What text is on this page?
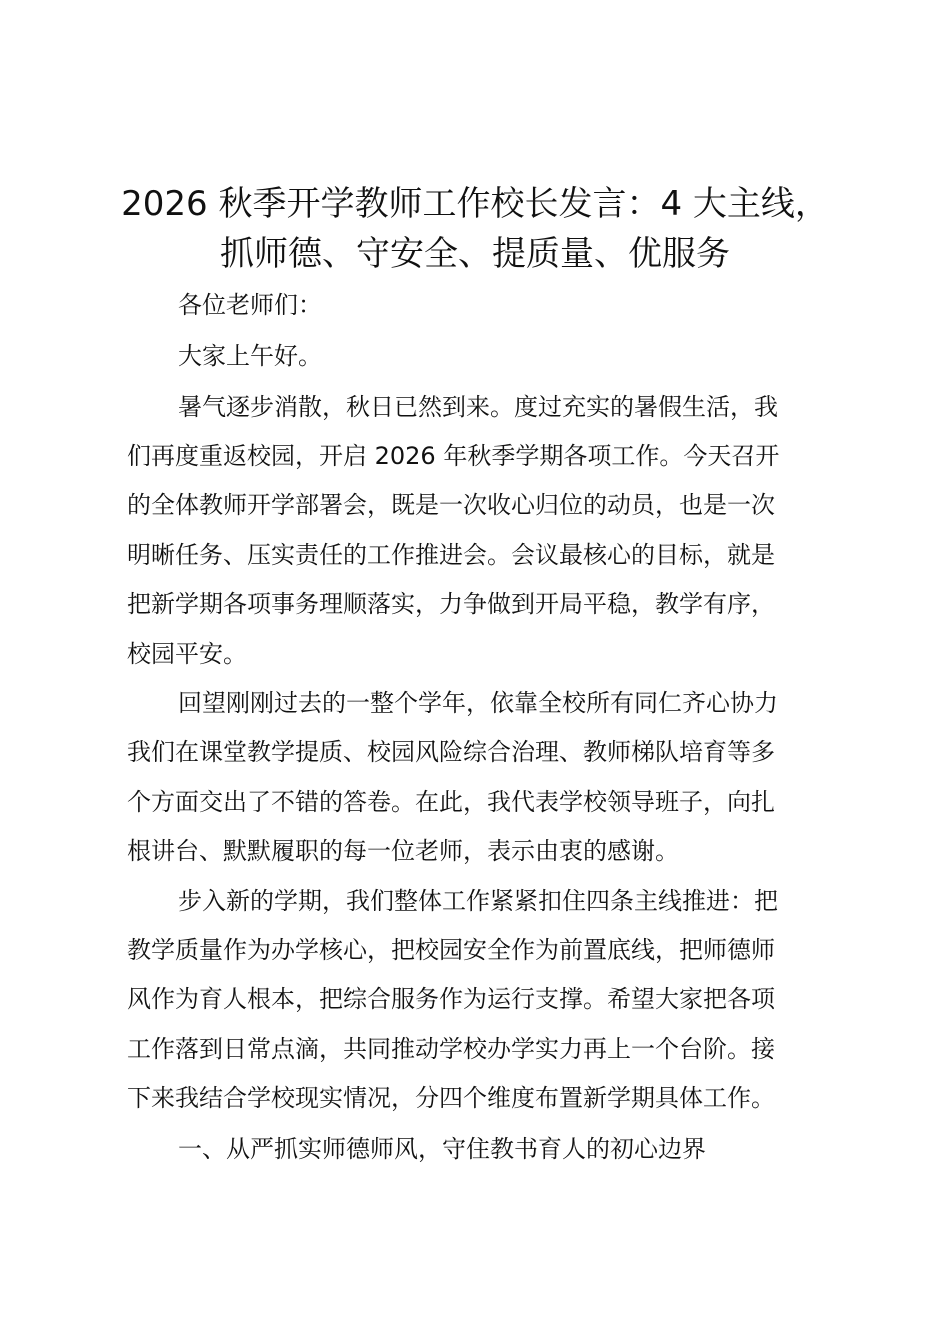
2026 秋季开学教师工作校长发言：4 大主线，
抓师德、守安全、提质量、优服务

各位老师们：

大家上午好。

暑气逐步消散，秋日已然到来。度过充实的暑假生活，我

们再度重返校园，开启 2026 年秋季学期各项工作。今天召开

的全体教师开学部署会，既是一次收心归位的动员，也是一次

明晰任务、压实责任的工作推进会。会议最核心的目标，就是

把新学期各项事务理顺落实，力争做到开局平稳，教学有序，

校园平安。

回望刚刚过去的一整个学年，依靠全校所有同仁齐心协力

我们在课堂教学提质、校园风险综合治理、教师梯队培育等多

个方面交出了不错的答卷。在此，我代表学校领导班子，向扎

根讲台、默默履职的每一位老师，表示由衷的感谢。

步入新的学期，我们整体工作紧紧扣住四条主线推进：把

教学质量作为办学核心，把校园安全作为前置底线，把师德师

风作为育人根本，把综合服务作为运行支撑。希望大家把各项

工作落到日常点滴，共同推动学校办学实力再上一个台阶。接

下来我结合学校现实情况，分四个维度布置新学期具体工作。

一、从严抓实师德师风，守住教书育人的初心边界
